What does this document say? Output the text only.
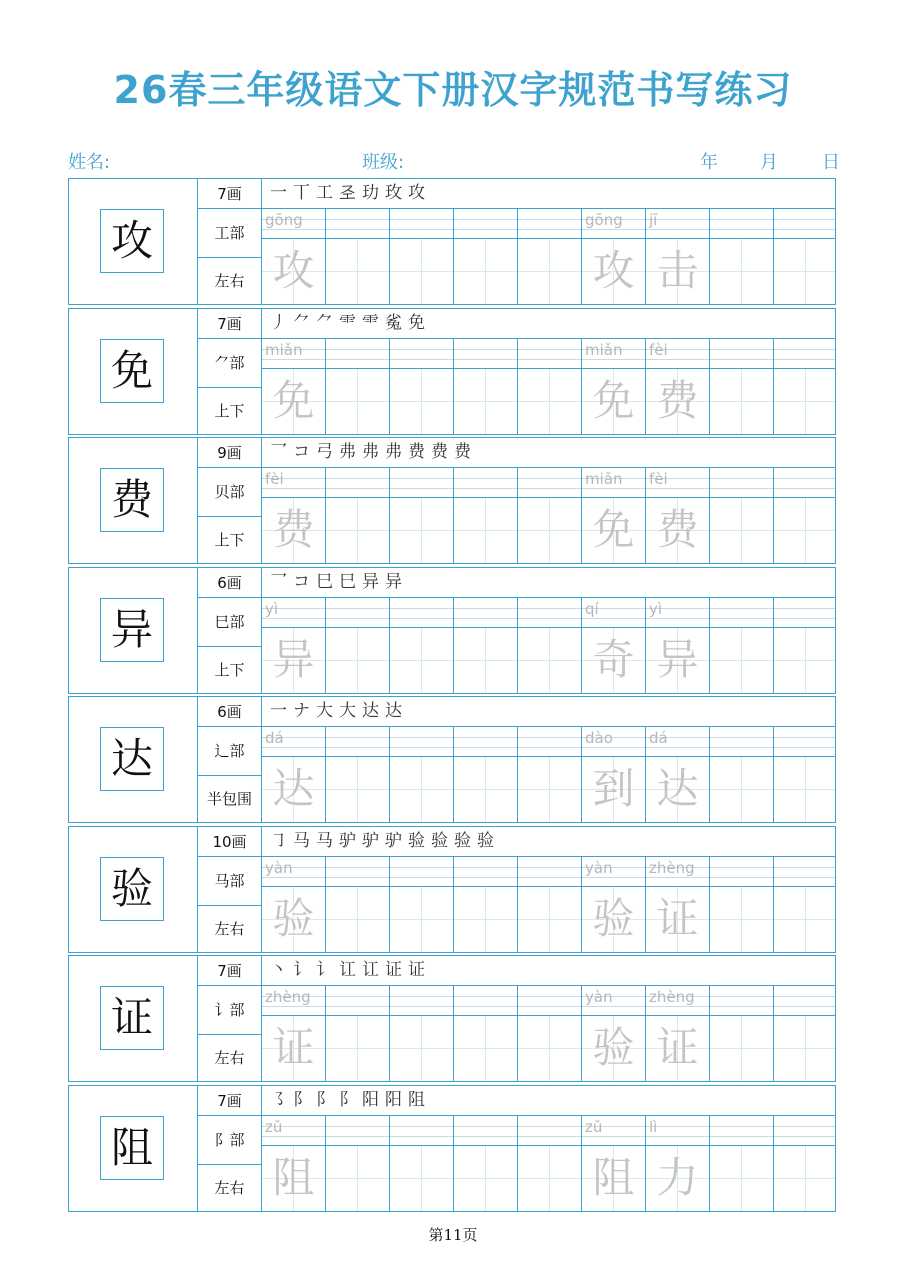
26春三年级语文下册汉字规范书写练习
姓名:	班级:	年 月 日
攻
7画
工部
左右
一 丅 工 𢀖 玏 玫 攻
gōng
攻
gōng
攻
jī
击
免
7画
⺈部
上下
丿 ⺈ ⺈ ⻗ ⻗ 㝹 免
miǎn
免
miǎn
免
fèi
费
费
9画
贝部
上下
乛 コ 弓 弗 弗 弗 费 费 费
fèi
费
miǎn
免
fèi
费
异
6画
巳部
上下
乛 コ 巳 巳 异 异
yì
异
qí
奇
yì
异
达
6画
辶部
半包围
一 ナ 大 大 达 达
dá
达
dào
到
dá
达
验
10画
马部
左右
㇆ 马 马 驴 驴 驴 验 验 验 验
yàn
验
yàn
验
zhèng
证
证
7画
讠部
左右
丶 讠 讠 讧 讧 证 证
zhèng
证
yàn
验
zhèng
证
阻
7画
阝部
左右
㇌ 阝 阝 阝 阳 阳 阻
zǔ
阻
zǔ
阻
lì
力
第11页
